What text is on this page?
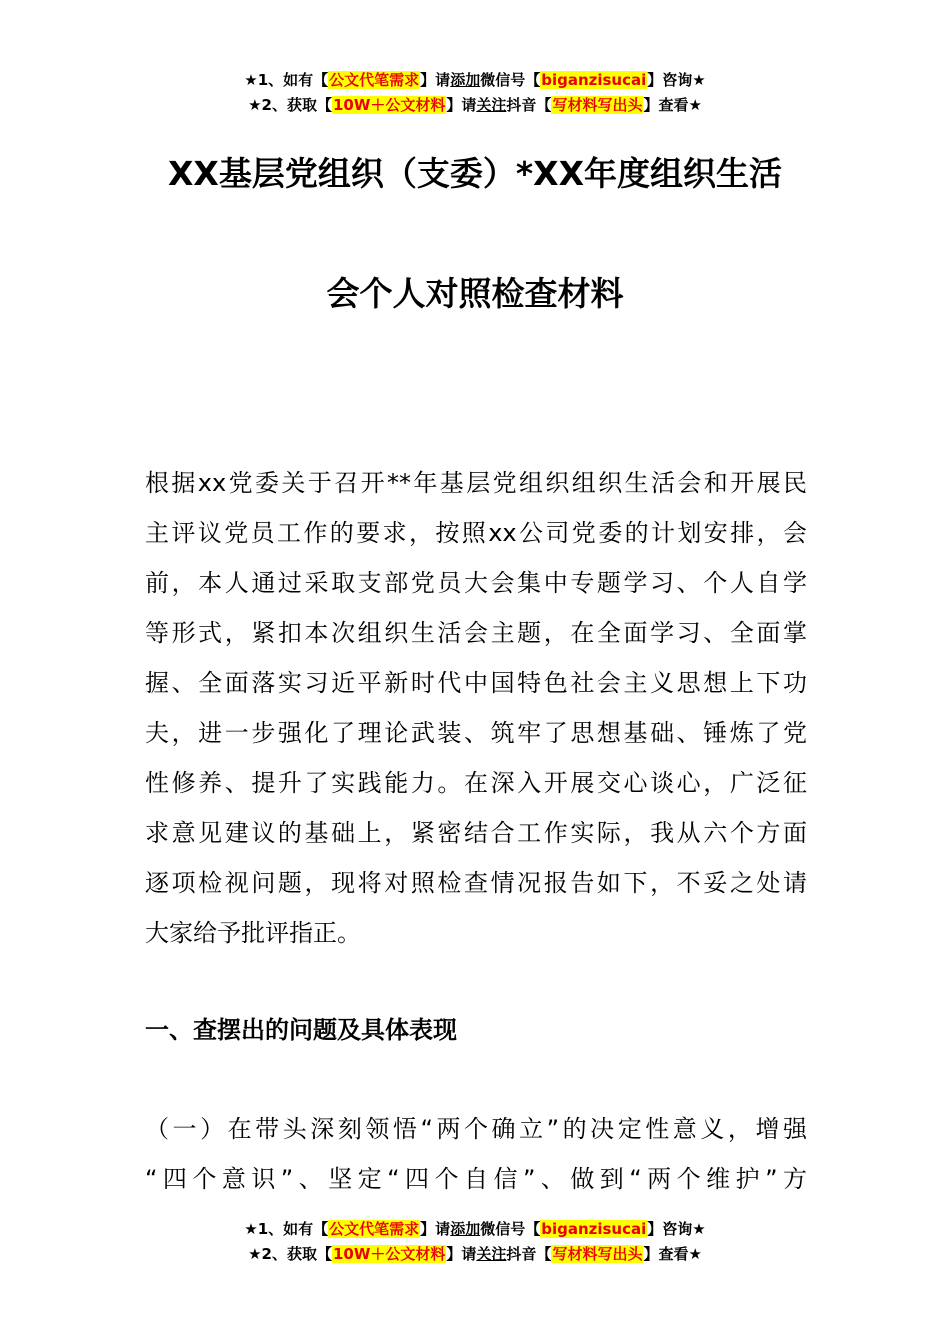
★1、如有【公文代笔需求】请添加微信号【biganzisucai】咨询★
★2、获取【10W＋公文材料】请关注抖音【写材料写出头】查看★
XX基层党组织（支委）*XX年度组织生活
会个人对照检查材料

根据xx党委关于召开**年基层党组织组织生活会和开展民
主评议党员工作的要求，按照xx公司党委的计划安排，会
前，本人通过采取支部党员大会集中专题学习、个人自学
等形式，紧扣本次组织生活会主题，在全面学习、全面掌
握、全面落实习近平新时代中国特色社会主义思想上下功
夫，进一步强化了理论武装、筑牢了思想基础、锤炼了党
性修养、提升了实践能力。在深入开展交心谈心，广泛征
求意见建议的基础上，紧密结合工作实际，我从六个方面
逐项检视问题，现将对照检查情况报告如下，不妥之处请
大家给予批评指正。

一、查摆出的问题及具体表现

（一）在带头深刻领悟“两个确立”的决定性意义，增强
“四个意识”、坚定“四个自信”、做到“两个维护”方

★1、如有【公文代笔需求】请添加微信号【biganzisucai】咨询★
★2、获取【10W＋公文材料】请关注抖音【写材料写出头】查看★
